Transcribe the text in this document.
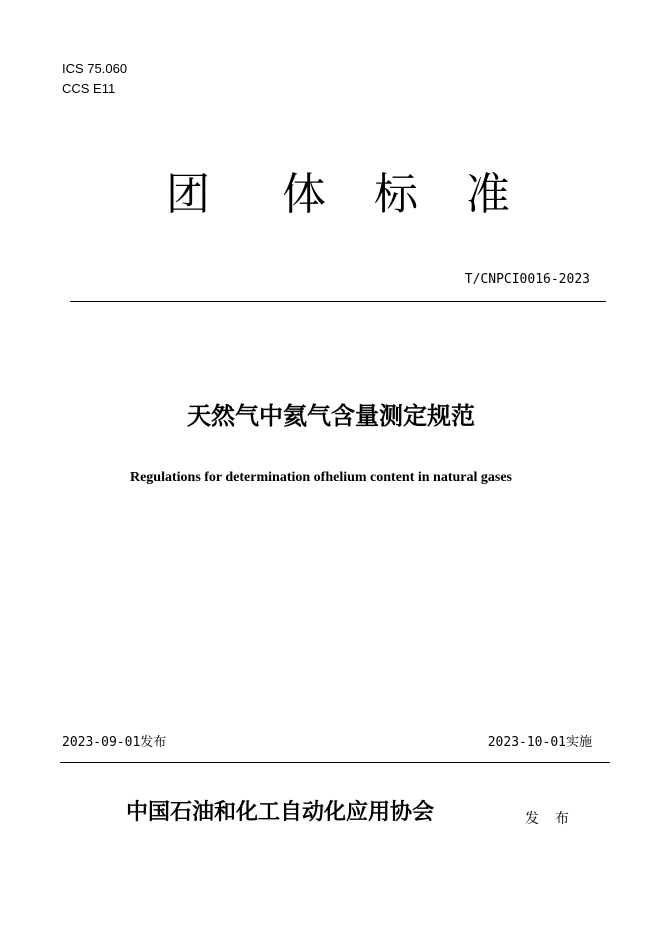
ICS 75.060
CCS E11
团 体 标 准
T/CNPCI0016-2023
天然气中氦气含量测定规范
Regulations for determination ofhelium content in natural gases
2023-09-01发布	2023-10-01实施
中国石油和化工自动化应用协会	发布
